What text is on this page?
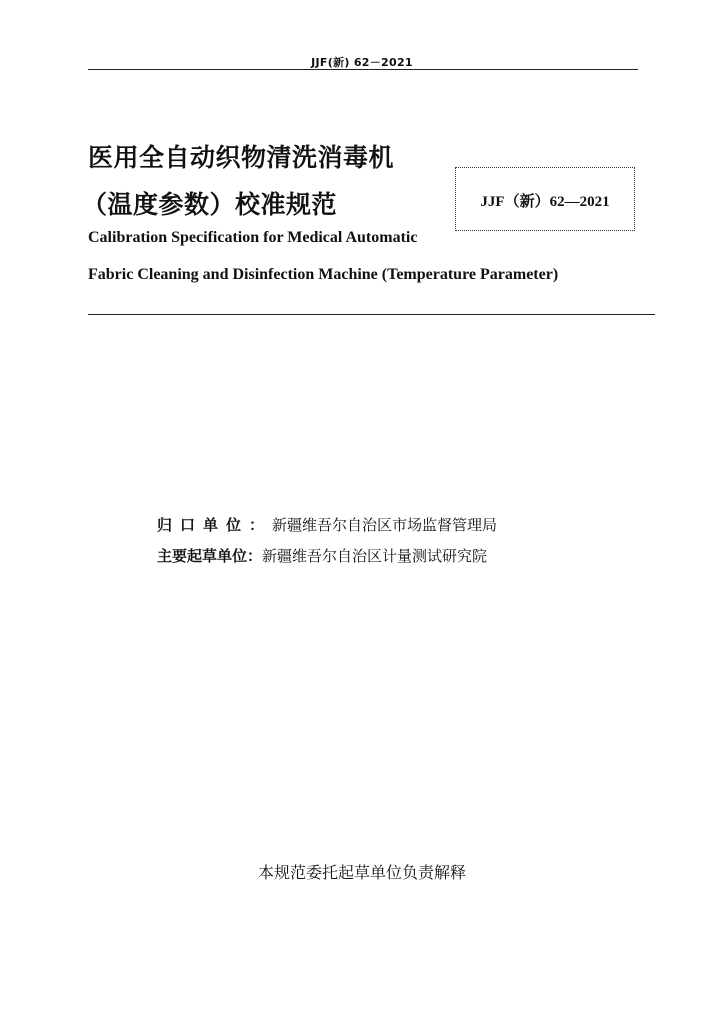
JJF(新) 62－2021
医用全自动织物清洗消毒机
（温度参数）校准规范	JJF（新）62—2021
Calibration Specification for Medical Automatic
Fabric Cleaning and Disinfection Machine (Temperature Parameter)
归口单位：新疆维吾尔自治区市场监督管理局
主要起草单位：新疆维吾尔自治区计量测试研究院
本规范委托起草单位负责解释
